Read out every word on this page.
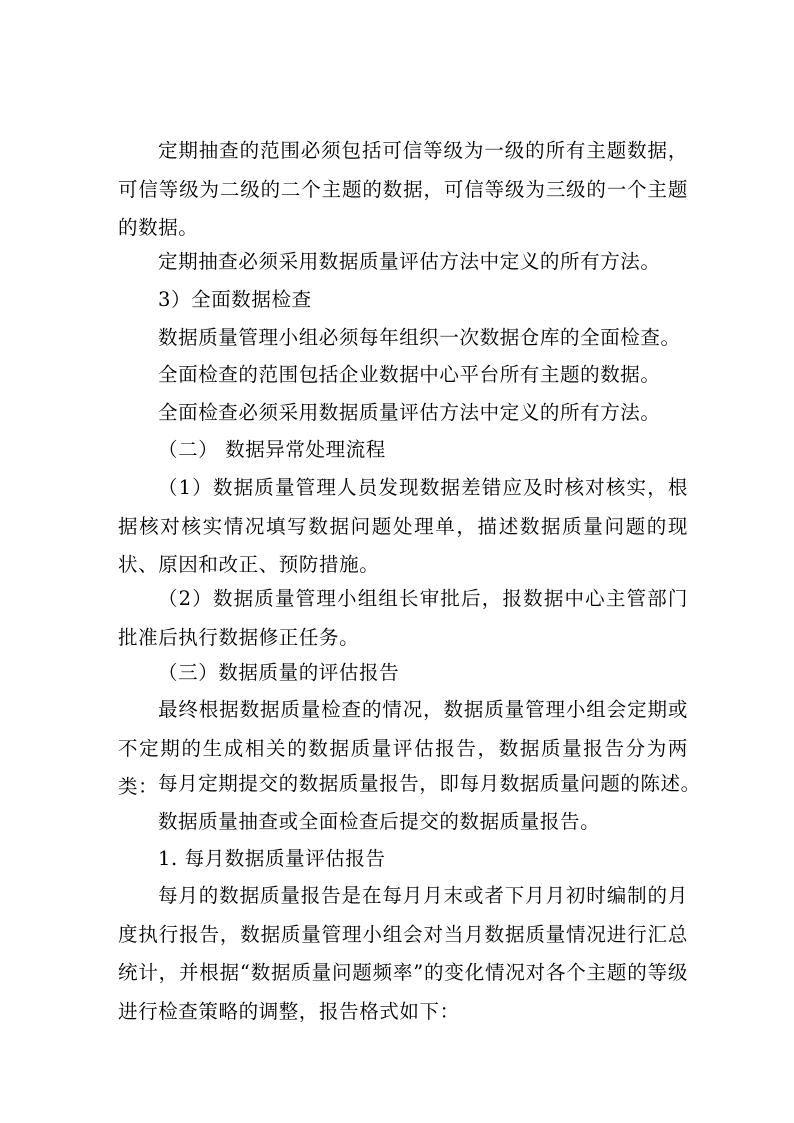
定期抽查的范围必须包括可信等级为一级的所有主题数据，可信等级为二级的二个主题的数据，可信等级为三级的一个主题的数据。

定期抽查必须采用数据质量评估方法中定义的所有方法。

3）全面数据检查

数据质量管理小组必须每年组织一次数据仓库的全面检查。

全面检查的范围包括企业数据中心平台所有主题的数据。

全面检查必须采用数据质量评估方法中定义的所有方法。

（二） 数据异常处理流程

（1）数据质量管理人员发现数据差错应及时核对核实，根据核对核实情况填写数据问题处理单，描述数据质量问题的现状、原因和改正、预防措施。

（2）数据质量管理小组组长审批后，报数据中心主管部门批准后执行数据修正任务。

（三）数据质量的评估报告

最终根据数据质量检查的情况，数据质量管理小组会定期或不定期的生成相关的数据质量评估报告，数据质量报告分为两类： 每月定期提交的数据质量报告，即每月数据质量问题的陈述。

数据质量抽查或全面检查后提交的数据质量报告。

1. 每月数据质量评估报告

每月的数据质量报告是在每月月末或者下月月初时编制的月度执行报告，数据质量管理小组会对当月数据质量情况进行汇总统计，并根据“数据质量问题频率”的变化情况对各个主题的等级进行检查策略的调整，报告格式如下：
